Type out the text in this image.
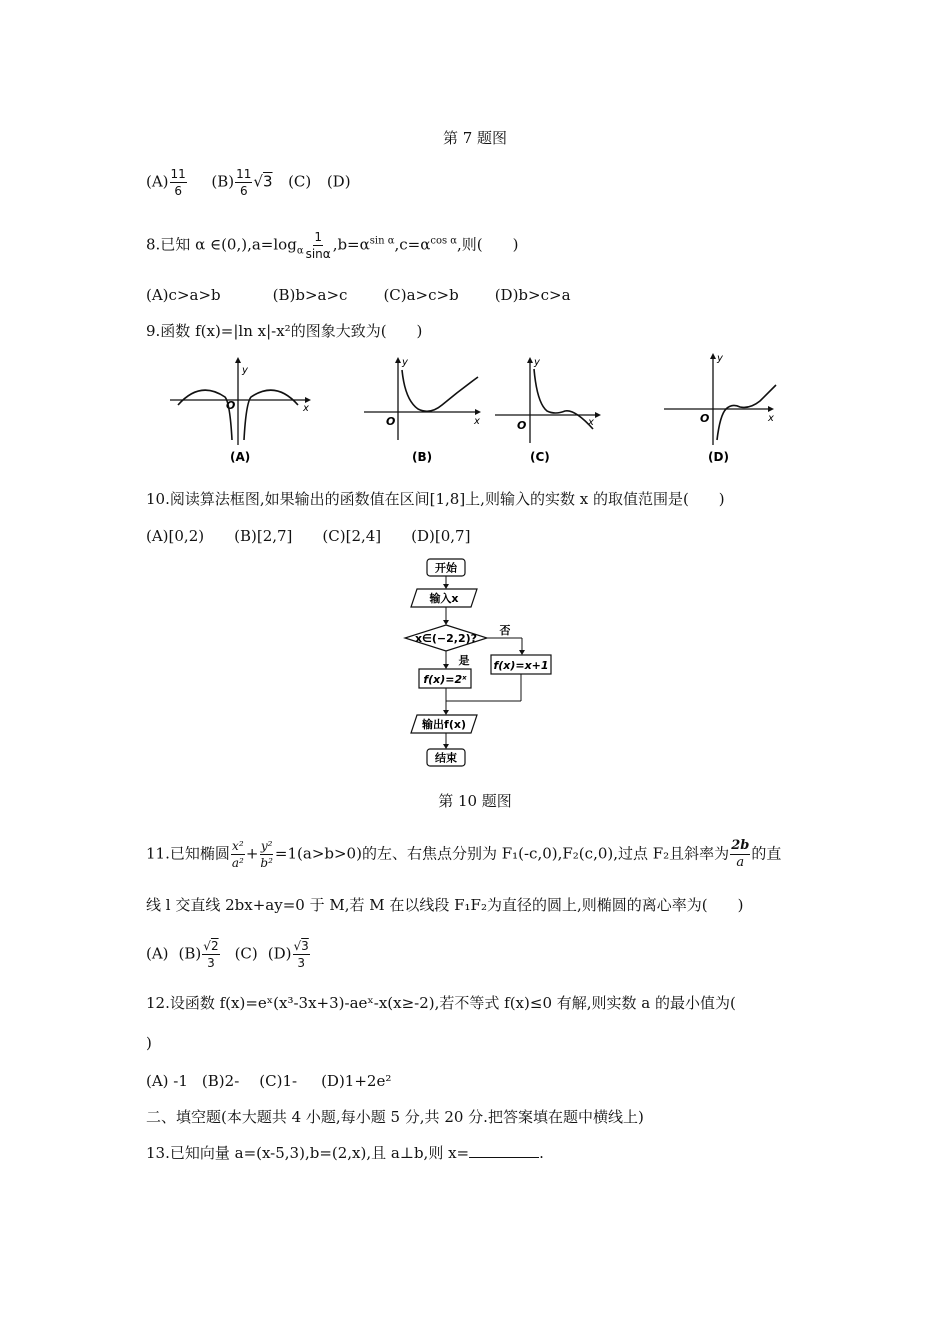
第 7 题图
$(A) \frac{11}{6} (B) \frac{11}{6} √3$ (C) (D)
8.已知 α $\in(0,),a=\log_\alpha \frac{1}{\sin\alpha} ,b=\alpha^{sin \alpha},c=\alpha^{cos \alpha}$,则(　　)
(A)c>a>b	(B)b>a>c (C)a>c>b (D)b>c>a
9.函数 f(x)=|ln x|-x²的图象大致为(　　)
y
x
O
(A)
y
x
O
(B)
y
x
O
(C)
y
x
O
(D)
10.阅读算法框图,如果输出的函数值在区间[1,8]上,则输入的实数 x 的取值范围是(　　)
(A)[0,2) (B)[2,7] (C)[2,4] (D)[0,7]
开始
输入x
x∈(−2,2)?
否
f(x)=x+1
是
f(x)=2ˣ
输出f(x)
结束
第 10 题图
11.已知椭圆 $\frac{\text{x²}}{\text{a²}} + \frac{\text{y²}}{\text{b²}} =1(a>b>0)$的左、右焦点分别为 F₁(-c,0),F₂(c,0),过点 F₂且斜率为 $\frac{2b}{a}$ 的直
线 l 交直线 2bx+ay=0 于 M,若 M 在以线段 F₁F₂为直径的圆上,则椭圆的离心率为(　　)
(A) $(B) \frac{√2}{3} (C)$ $(D) \frac{√3}{3}$
12.设函数 f(x)=eˣ(x³-3x+3)-aeˣ-x(x≥-2),若不等式 f(x)≤0 有解,则实数 a 的最小值为(
)
(A) -1 (B)2- (C)1- (D)1+2e²
二、填空题(本大题共 4 小题,每小题 5 分,共 20 分.把答案填在题中横线上)
13.已知向量 a=(x-5,3),b=(2,x),且 a⊥b,则 x=	.
